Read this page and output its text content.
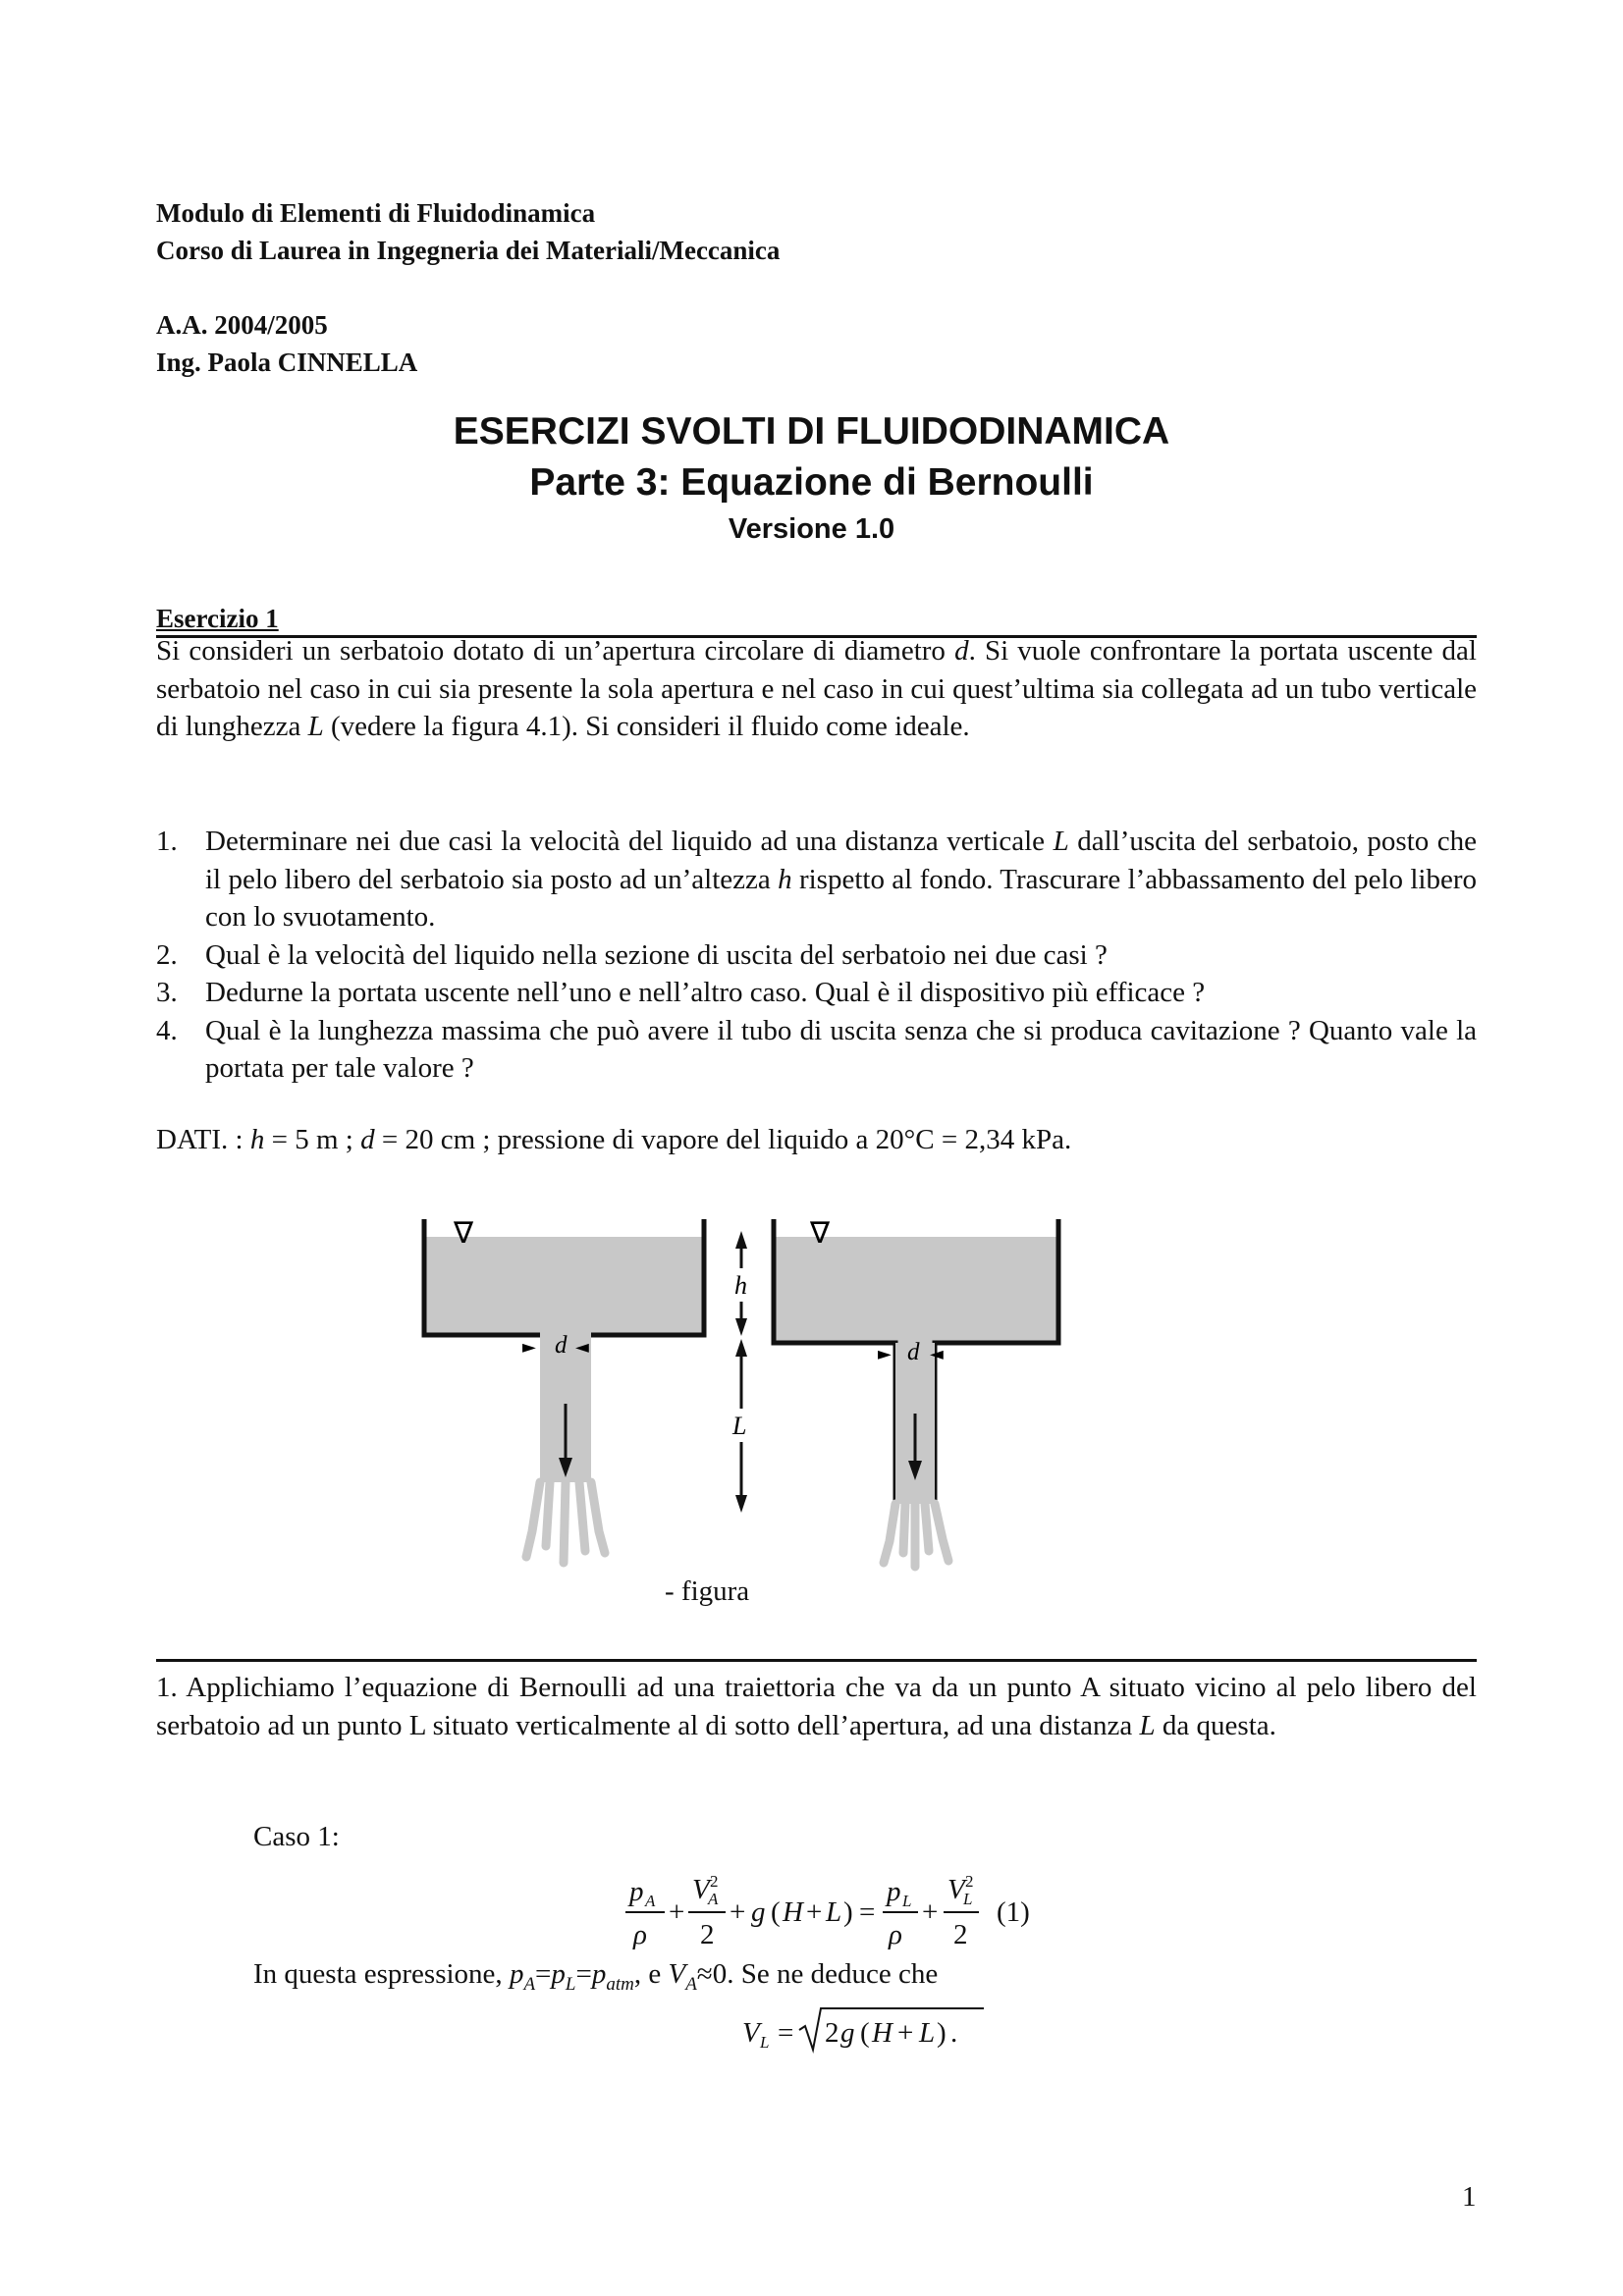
Modulo di Elementi di Fluidodinamica
Corso di Laurea in Ingegneria dei Materiali/Meccanica
A.A. 2004/2005
Ing. Paola CINNELLA
ESERCIZI SVOLTI DI FLUIDODINAMICA
Parte 3: Equazione di Bernoulli
Versione 1.0
Esercizio 1
Si consideri un serbatoio dotato di un’apertura circolare di diametro d. Si vuole confrontare la portata uscente dal serbatoio nel caso in cui sia presente la sola apertura e nel caso in cui quest’ultima sia collegata ad un tubo verticale di lunghezza L (vedere la figura 4.1). Si consideri il fluido come ideale.
1. Determinare nei due casi la velocità del liquido ad una distanza verticale L dall’uscita del serbatoio, posto che il pelo libero del serbatoio sia posto ad un’altezza h rispetto al fondo. Trascurare l’abbassamento del pelo libero con lo svuotamento.
2. Qual è la velocità del liquido nella sezione di uscita del serbatoio nei due casi ?
3. Dedurne la portata uscente nell’uno e nell’altro caso. Qual è il dispositivo più efficace ?
4. Qual è la lunghezza massima che può avere il tubo di uscita senza che si produca cavitazione ? Quanto vale la portata per tale valore ?
DATI. : h = 5 m ; d = 20 cm ; pressione di vapore del liquido a 20°C = 2,34 kPa.
► d ◄
∇
h
L
► d ◄
∇
- figura
1. Applichiamo l’equazione di Bernoulli ad una traiettoria che va da un punto A situato vicino al pelo libero del serbatoio ad un punto L situato verticalmente al di sotto dell’apertura, ad una distanza L da questa.
Caso 1:
p A
ρ
+
V 2
A
2
+ g ( H + L ) =
p L
ρ
+
V 2
L
2
(1)
In questa espressione, $p_A=p_L=p_{atm}$, e $V_A\approx 0$. Se ne deduce che
V L = 2 g ( H + L ) .
1
